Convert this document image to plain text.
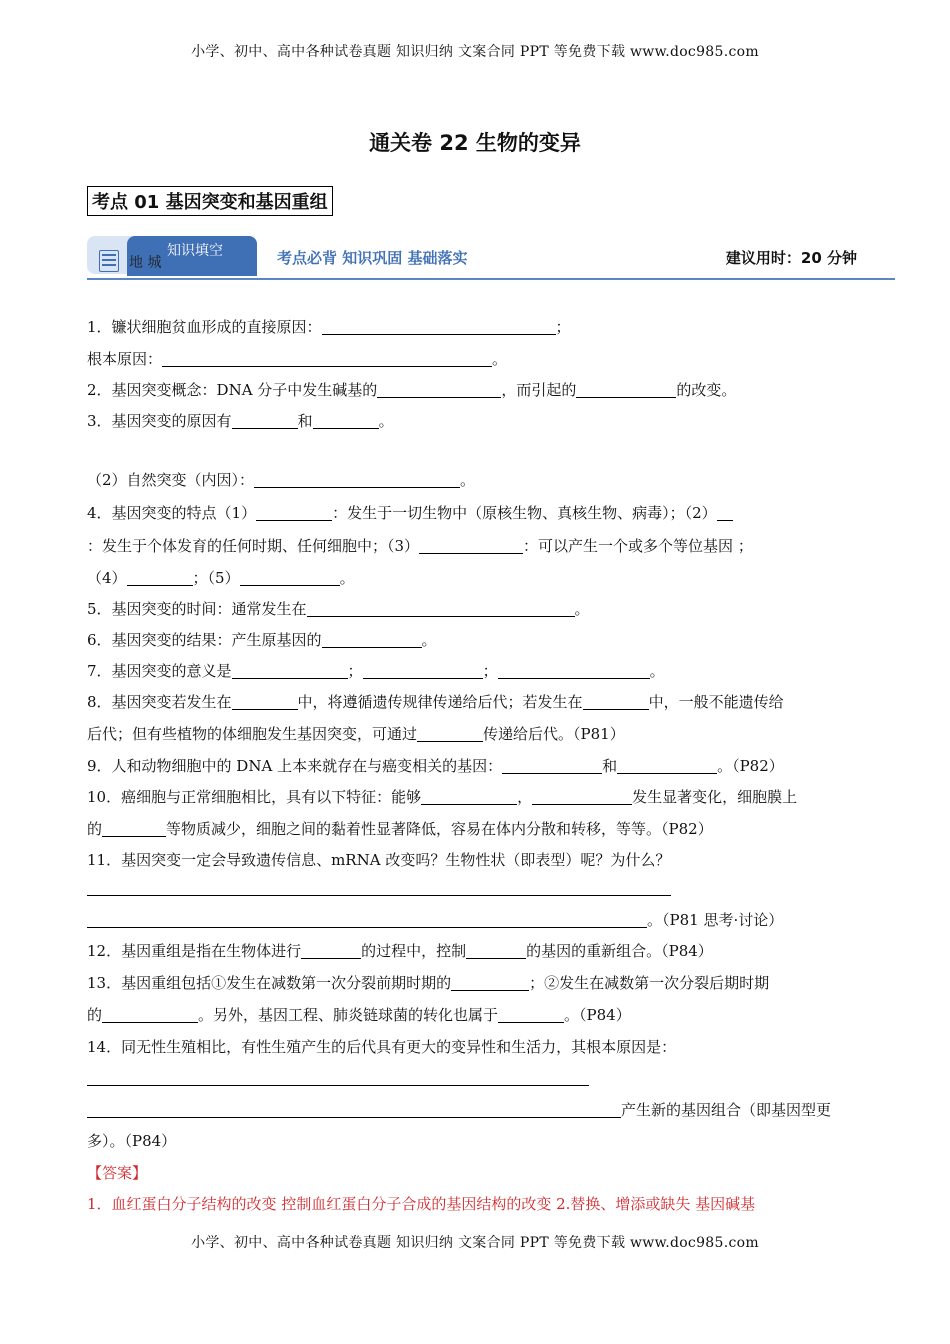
小学、初中、高中各种试卷真题 知识归纳 文案合同 PPT 等免费下载 www.doc985.com
通关卷 22 生物的变异
考点 01 基因突变和基因重组
知识填空
地 城	考点必背 知识巩固 基础落实	建议用时：20 分钟
1．镰状细胞贫血形成的直接原因：	；
根本原因：	。
2．基因突变概念：DNA 分子中发生碱基的	，而引起的	的改变。
3．基因突变的原因有	和	。
（2）自然突变（内因）：	。
4．基因突变的特点（1）	：发生于一切生物中（原核生物、真核生物、病毒）；（2）
：发生于个体发育的任何时期、任何细胞中；（3）	：可以产生一个或多个等位基因 ；
（4）	；（5）	。
5．基因突变的时间：通常发生在	。
6．基因突变的结果：产生原基因的	。
7．基因突变的意义是	；	；	。
8．基因突变若发生在	中，将遵循遗传规律传递给后代；若发生在	中，一般不能遗传给
后代；但有些植物的体细胞发生基因突变，可通过	传递给后代。（P81）
9．人和动物细胞中的 DNA 上本来就存在与癌变相关的基因：	和	。（P82）
10．癌细胞与正常细胞相比，具有以下特征：能够	，	发生显著变化，细胞膜上
的	等物质减少，细胞之间的黏着性显著降低，容易在体内分散和转移，等等。（P82）
11．基因突变一定会导致遗传信息、mRNA 改变吗？生物性状（即表型）呢？为什么？
。（P81 思考·讨论）
12．基因重组是指在生物体进行	的过程中，控制	的基因的重新组合。（P84）
13．基因重组包括①发生在减数第一次分裂前期时期的	；②发生在减数第一次分裂后期时期
的	。另外，基因工程、肺炎链球菌的转化也属于	。（P84）
14．同无性生殖相比，有性生殖产生的后代具有更大的变异性和生活力，其根本原因是：
产生新的基因组合（即基因型更
多）。（P84）
【答案】
1．血红蛋白分子结构的改变 控制血红蛋白分子合成的基因结构的改变 2.替换、增添或缺失 基因碱基
小学、初中、高中各种试卷真题 知识归纳 文案合同 PPT 等免费下载 www.doc985.com
